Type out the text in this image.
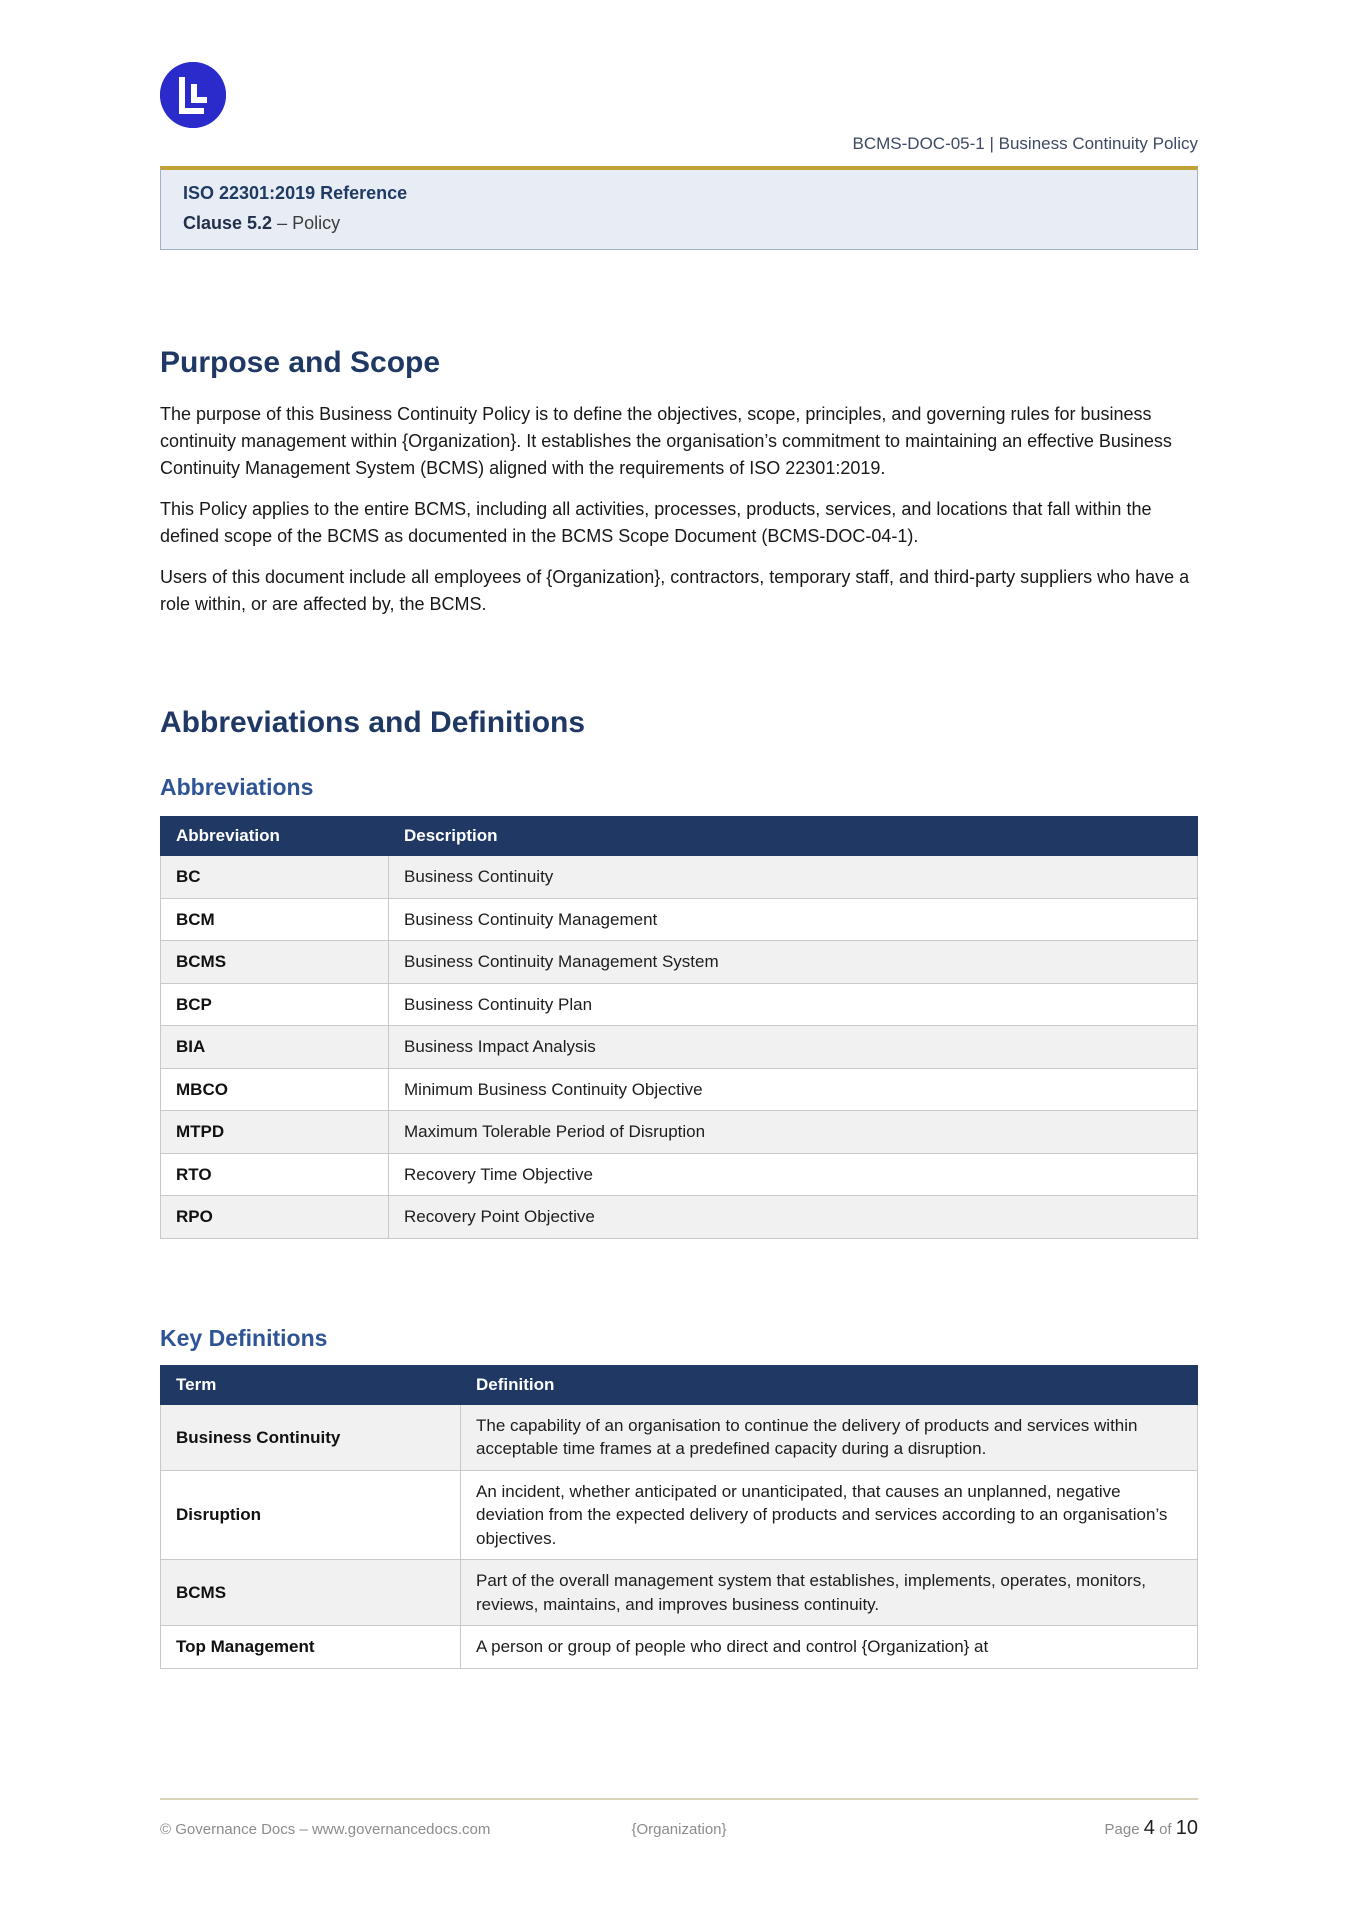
BCMS-DOC-05-1 | Business Continuity Policy
ISO 22301:2019 Reference
Clause 5.2 – Policy
Purpose and Scope

The purpose of this Business Continuity Policy is to define the objectives, scope, principles, and governing rules for business continuity management within {Organization}. It establishes the organisation’s commitment to maintaining an effective Business Continuity Management System (BCMS) aligned with the requirements of ISO 22301:2019.

This Policy applies to the entire BCMS, including all activities, processes, products, services, and locations that fall within the defined scope of the BCMS as documented in the BCMS Scope Document (BCMS-DOC-04-1).

Users of this document include all employees of {Organization}, contractors, temporary staff, and third-party suppliers who have a role within, or are affected by, the BCMS.

Abbreviations and Definitions
Abbreviations
Abbreviation	Description
BC	Business Continuity
BCM	Business Continuity Management
BCMS	Business Continuity Management System
BCP	Business Continuity Plan
BIA	Business Impact Analysis
MBCO	Minimum Business Continuity Objective
MTPD	Maximum Tolerable Period of Disruption
RTO	Recovery Time Objective
RPO	Recovery Point Objective
Key Definitions
Term	Definition
Business Continuity	The capability of an organisation to continue the delivery of products and services within acceptable time frames at a predefined capacity during a disruption.
Disruption	An incident, whether anticipated or unanticipated, that causes an unplanned, negative deviation from the expected delivery of products and services according to an organisation’s objectives.
BCMS	Part of the overall management system that establishes, implements, operates, monitors, reviews, maintains, and improves business continuity.
Top Management	A person or group of people who direct and control {Organization} at
© Governance Docs – www.governancedocs.com	{Organization}	Page 4 of 10
